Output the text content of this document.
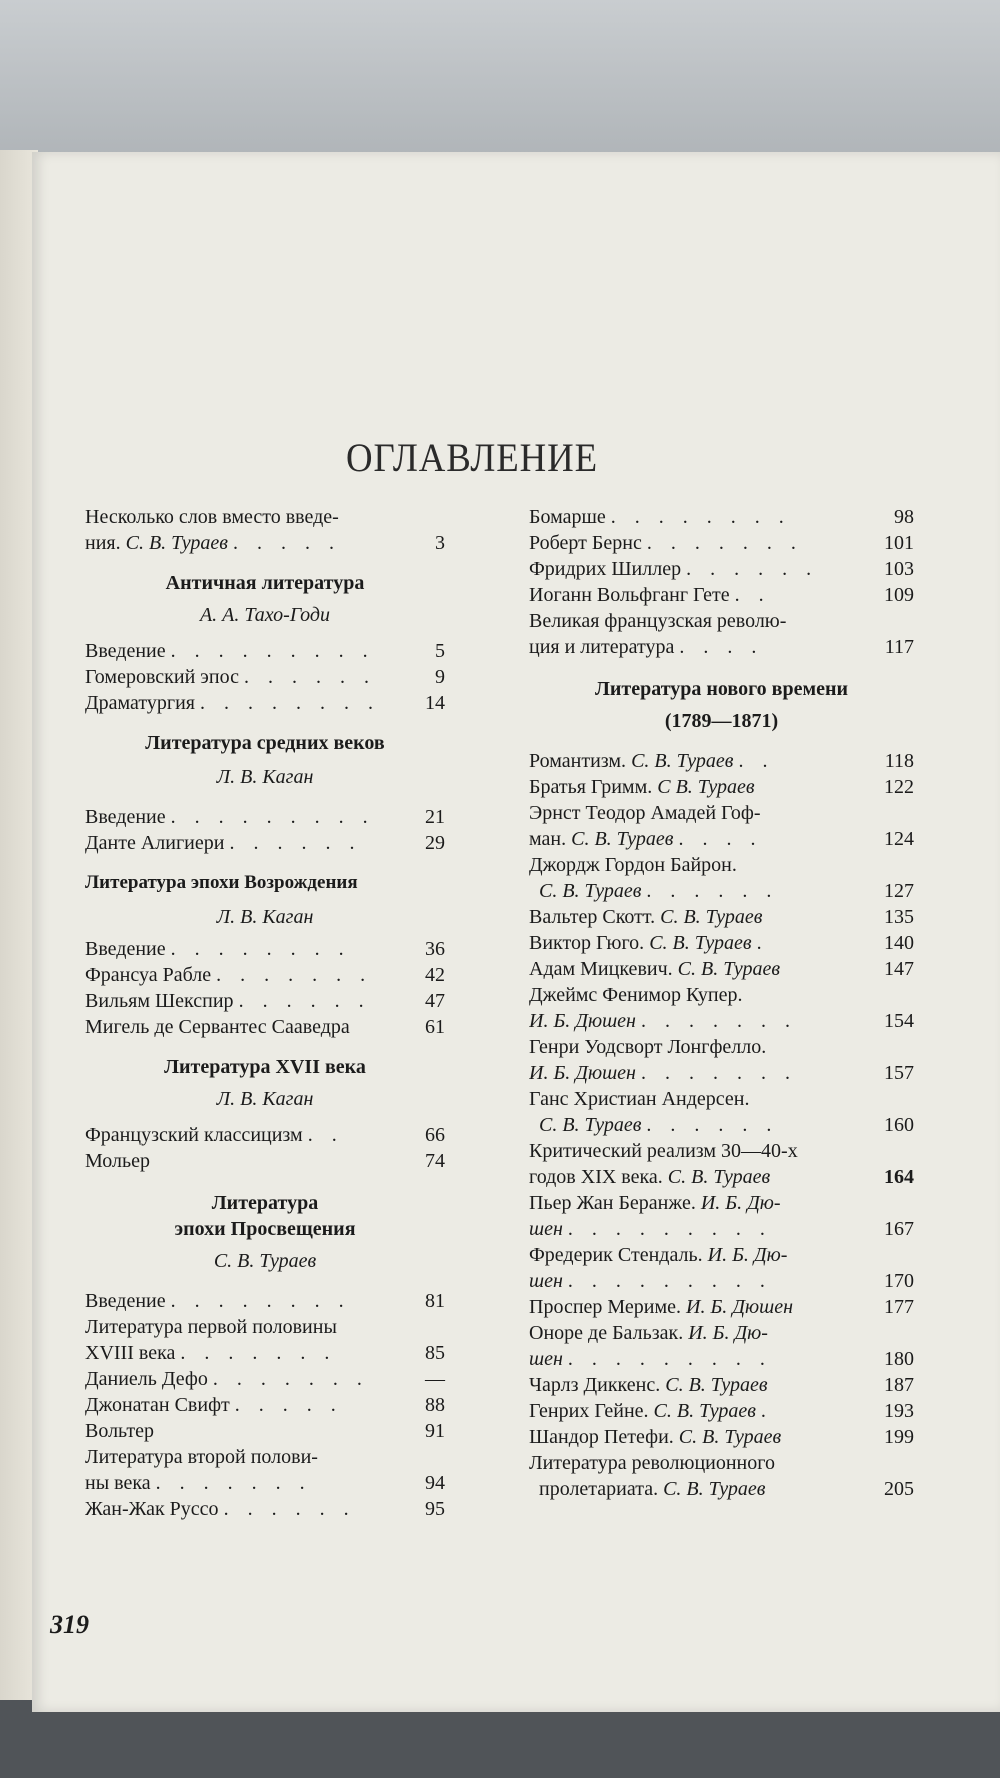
ОГЛАВЛЕНИЕ
Несколько слов вместо введе-
ния. С. В. Тураев . . . . .	3
Античная литература
А. А. Тахо-Годи
Введение . . . . . . . . .	5
Гомеровский эпос . . . . . .	9
Драматургия . . . . . . . .	14
Литература средних веков
Л. В. Каган
Введение . . . . . . . . .	21
Данте Алигиери . . . . . .	29
Литература эпохи Возрождения
Л. В. Каган
Введение . . . . . . . .	36
Франсуа Рабле . . . . . . .	42
Вильям Шекспир . . . . . .	47
Мигель де Сервантес Сааведра	61
Литература XVII века
Л. В. Каган
Французский классицизм . .	66
Мольер	74
Литература
эпохи Просвещения
С. В. Тураев
Введение . . . . . . . .	81
Литература первой половины
XVIII века . . . . . . .	85
Даниель Дефо . . . . . . .	—
Джонатан Свифт . . . . .	88
Вольтер	91
Литература второй полови-
ны века . . . . . . .	94
Жан-Жак Руссо . . . . . .	95
Бомарше . . . . . . . .	98
Роберт Бернс . . . . . . .	101
Фридрих Шиллер . . . . . .	103
Иоганн Вольфганг Гете . .	109
Великая французская револю-
ция и литература . . . .	117
Литература нового времени
(1789—1871)
Романтизм. С. В. Тураев . .	118
Братья Гримм. С В. Тураев	122
Эрнст Теодор Амадей Гоф-
ман. С. В. Тураев . . . .	124
Джордж Гордон Байрон.
С. В. Тураев . . . . . .	127
Вальтер Скотт. С. В. Тураев	135
Виктор Гюго. С. В. Тураев .	140
Адам Мицкевич. С. В. Тураев	147
Джеймс Фенимор Купер.
И. Б. Дюшен . . . . . . .	154
Генри Уодсворт Лонгфелло.
И. Б. Дюшен . . . . . . .	157
Ганс Христиан Андерсен.
С. В. Тураев . . . . . .	160
Критический реализм 30—40-х
годов XIX века. С. В. Тураев	164
Пьер Жан Беранже. И. Б. Дю-
шен . . . . . . . . .	167
Фредерик Стендаль. И. Б. Дю-
шен . . . . . . . . .	170
Проспер Мериме. И. Б. Дюшен	177
Оноре де Бальзак. И. Б. Дю-
шен . . . . . . . . .	180
Чарлз Диккенс. С. В. Тураев	187
Генрих Гейне. С. В. Тураев .	193
Шандор Петефи. С. В. Тураев	199
Литература революционного
пролетариата. С. В. Тураев	205
319
